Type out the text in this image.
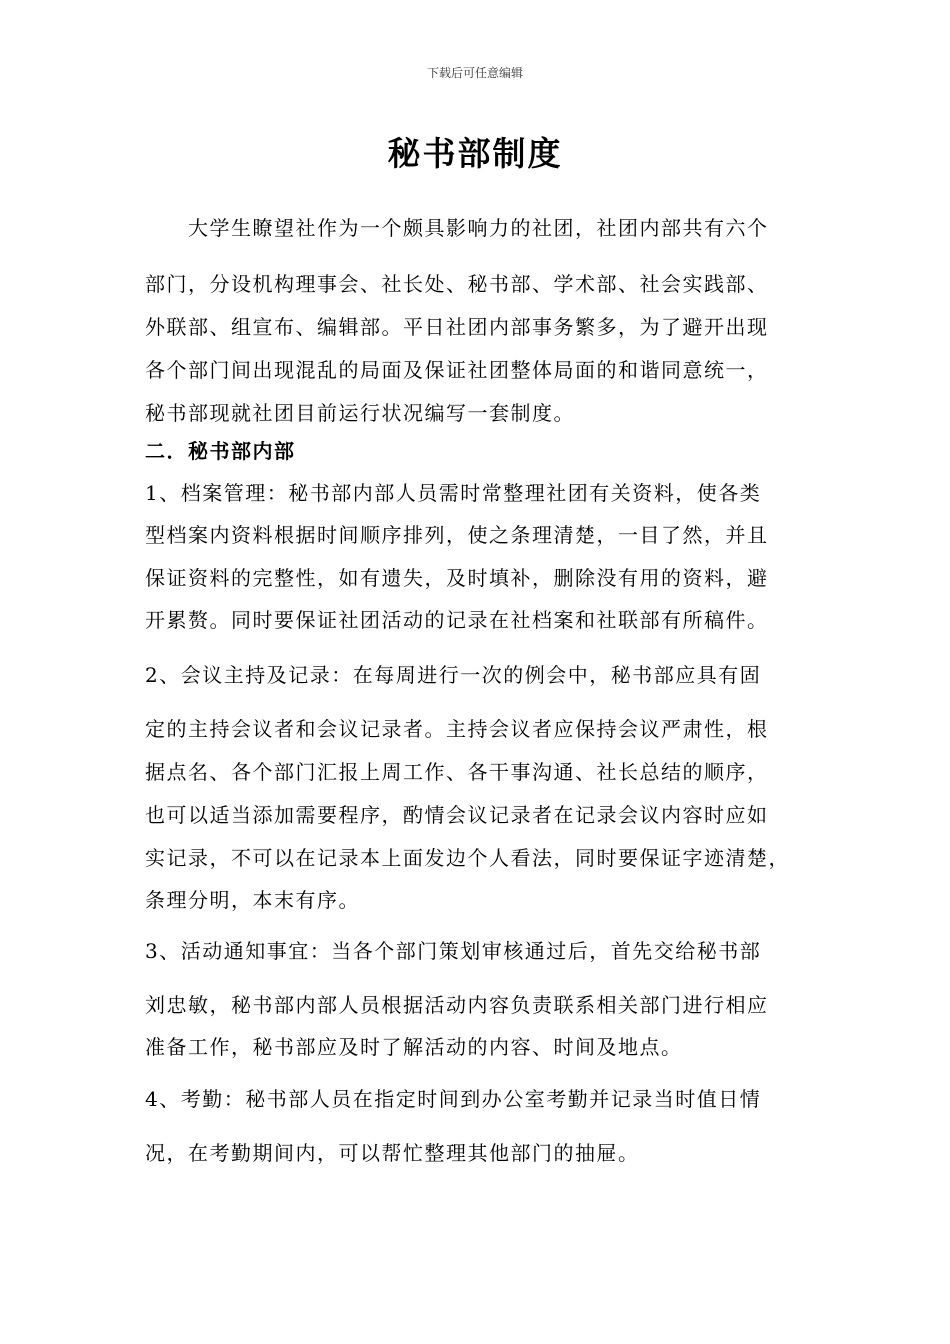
下载后可任意编辑
秘书部制度
大学生瞭望社作为一个颇具影响力的社团，社团内部共有六个
部门，分设机构理事会、社长处、秘书部、学术部、社会实践部、
外联部、组宣布、编辑部。平日社团内部事务繁多，为了避开出现
各个部门间出现混乱的局面及保证社团整体局面的和谐同意统一，
秘书部现就社团目前运行状况编写一套制度。
二．秘书部内部
1、档案管理：秘书部内部人员需时常整理社团有关资料，使各类
型档案内资料根据时间顺序排列，使之条理清楚，一目了然，并且
保证资料的完整性，如有遗失，及时填补，删除没有用的资料，避
开累赘。同时要保证社团活动的记录在社档案和社联部有所稿件。
2、会议主持及记录：在每周进行一次的例会中，秘书部应具有固
定的主持会议者和会议记录者。主持会议者应保持会议严肃性，根
据点名、各个部门汇报上周工作、各干事沟通、社长总结的顺序，
也可以适当添加需要程序，酌情会议记录者在记录会议内容时应如
实记录，不可以在记录本上面发边个人看法，同时要保证字迹清楚，
条理分明，本末有序。
3、活动通知事宜：当各个部门策划审核通过后，首先交给秘书部
刘忠敏，秘书部内部人员根据活动内容负责联系相关部门进行相应
准备工作，秘书部应及时了解活动的内容、时间及地点。
4、考勤：秘书部人员在指定时间到办公室考勤并记录当时值日情
况，在考勤期间内，可以帮忙整理其他部门的抽屉。
